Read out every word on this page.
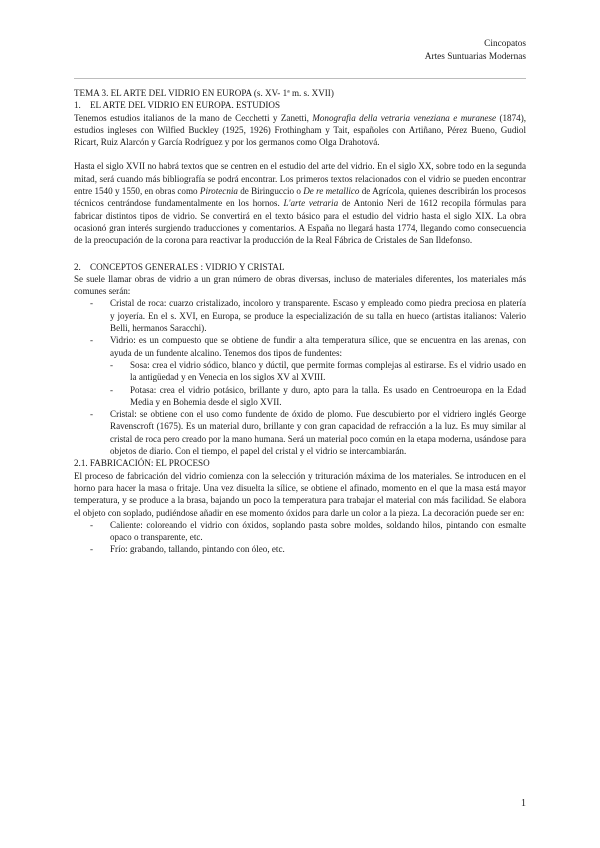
Cincopatos
Artes Suntuarias Modernas

TEMA 3. EL ARTE DEL VIDRIO EN EUROPA (s. XV- 1ª m. s. XVII)

1. EL ARTE DEL VIDRIO EN EUROPA. ESTUDIOS

Tenemos estudios italianos de la mano de Cecchetti y Zanetti, Monografia della vetraria veneziana e muranese (1874), estudios ingleses con Wilfied Buckley (1925, 1926) Frothingham y Tait, españoles con Artiñano, Pérez Bueno, Gudiol Ricart, Ruiz Alarcón y García Rodríguez y por los germanos como Olga Drahotová.

Hasta el siglo XVII no habrá textos que se centren en el estudio del arte del vidrio. En el siglo XX, sobre todo en la segunda mitad, será cuando más bibliografía se podrá encontrar. Los primeros textos relacionados con el vidrio se pueden encontrar entre 1540 y 1550, en obras como Pirotecnia de Biringuccio o De re metallico de Agrícola, quienes describirán los procesos técnicos centrándose fundamentalmente en los hornos. L'arte vetraria de Antonio Neri de 1612 recopila fórmulas para fabricar distintos tipos de vidrio. Se convertirá en el texto básico para el estudio del vidrio hasta el siglo XIX. La obra ocasionó gran interés surgiendo traducciones y comentarios. A España no llegará hasta 1774, llegando como consecuencia de la preocupación de la corona para reactivar la producción de la Real Fábrica de Cristales de San Ildefonso.

2. CONCEPTOS GENERALES : VIDRIO Y CRISTAL

Se suele llamar obras de vidrio a un gran número de obras diversas, incluso de materiales diferentes, los materiales más comunes serán:

- Cristal de roca: cuarzo cristalizado, incoloro y transparente. Escaso y empleado como piedra preciosa en platería y joyería. En el s. XVI, en Europa, se produce la especialización de su talla en hueco (artistas italianos: Valerio Belli, hermanos Saracchi).
- Vidrio: es un compuesto que se obtiene de fundir a alta temperatura sílice, que se encuentra en las arenas, con ayuda de un fundente alcalino. Tenemos dos tipos de fundentes:
- Sosa: crea el vidrio sódico, blanco y dúctil, que permite formas complejas al estirarse. Es el vidrio usado en la antigüedad y en Venecia en los siglos XV al XVIII.
- Potasa: crea el vidrio potásico, brillante y duro, apto para la talla. Es usado en Centroeuropa en la Edad Media y en Bohemia desde el siglo XVII.
- Cristal: se obtiene con el uso como fundente de óxido de plomo. Fue descubierto por el vidriero inglés George Ravenscroft (1675). Es un material duro, brillante y con gran capacidad de refracción a la luz. Es muy similar al cristal de roca pero creado por la mano humana. Será un material poco común en la etapa moderna, usándose para objetos de diario. Con el tiempo, el papel del cristal y el vidrio se intercambiarán.

2.1. FABRICACIÓN: EL PROCESO

El proceso de fabricación del vidrio comienza con la selección y trituración máxima de los materiales. Se introducen en el horno para hacer la masa o fritaje. Una vez disuelta la sílice, se obtiene el afinado, momento en el que la masa está mayor temperatura, y se produce a la brasa, bajando un poco la temperatura para trabajar el material con más facilidad. Se elabora el objeto con soplado, pudiéndose añadir en ese momento óxidos para darle un color a la pieza. La decoración puede ser en:

- Caliente: coloreando el vidrio con óxidos, soplando pasta sobre moldes, soldando hilos, pintando con esmalte opaco o transparente, etc.
- Frío: grabando, tallando, pintando con óleo, etc.
1
